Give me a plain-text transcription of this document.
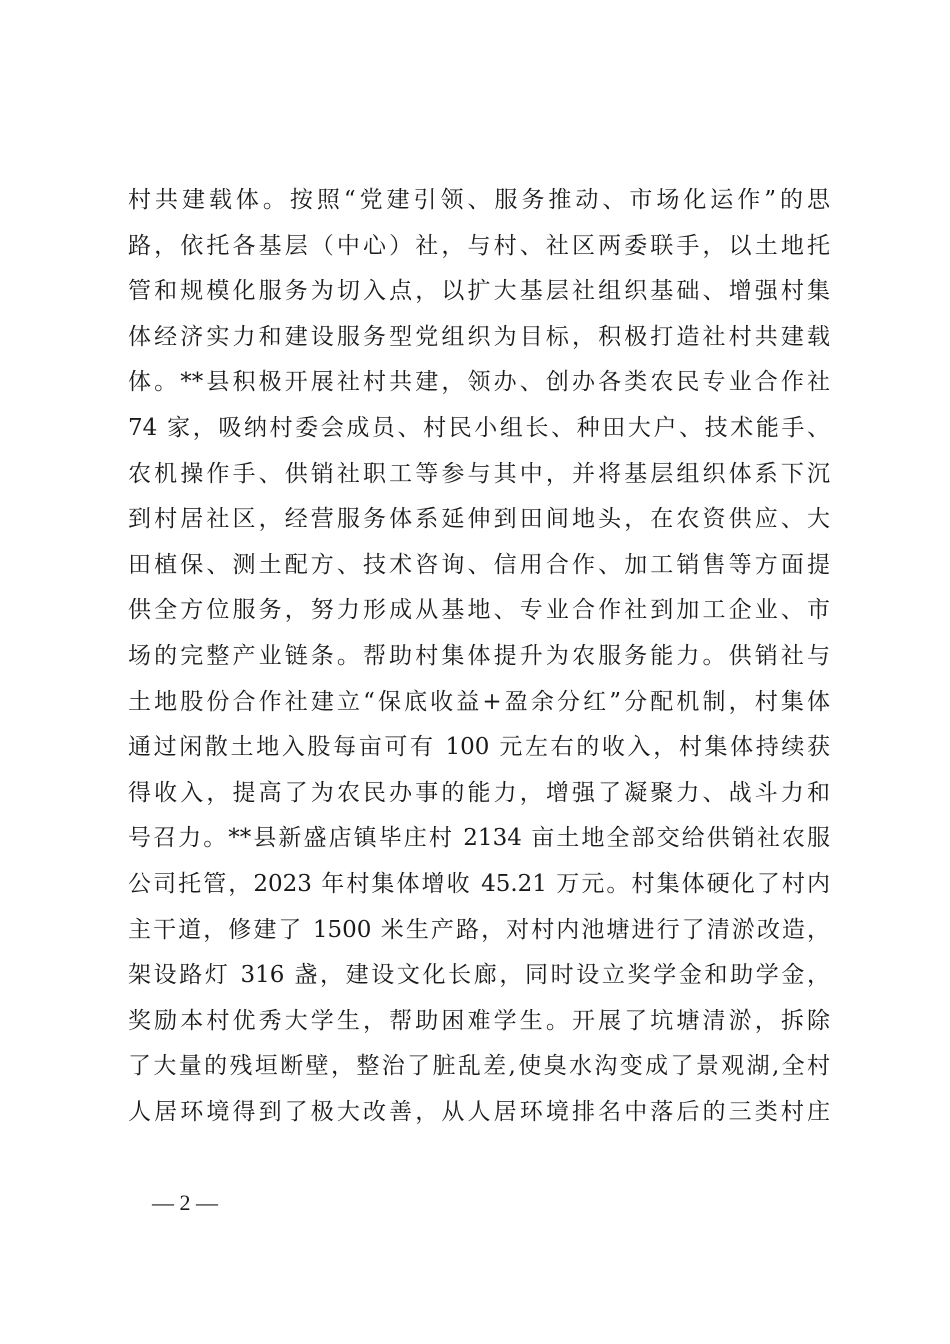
村共建载体。按照“党建引领、服务推动、市场化运作”的思
路，依托各基层（中心）社，与村、社区两委联手，以土地托
管和规模化服务为切入点，以扩大基层社组织基础、增强村集
体经济实力和建设服务型党组织为目标，积极打造社村共建载
体。**县积极开展社村共建，领办、创办各类农民专业合作社
74 家，吸纳村委会成员、村民小组长、种田大户、技术能手、
农机操作手、供销社职工等参与其中，并将基层组织体系下沉
到村居社区，经营服务体系延伸到田间地头，在农资供应、大
田植保、测土配方、技术咨询、信用合作、加工销售等方面提
供全方位服务，努力形成从基地、专业合作社到加工企业、市
场的完整产业链条。帮助村集体提升为农服务能力。供销社与
土地股份合作社建立“保底收益+盈余分红”分配机制，村集体
通过闲散土地入股每亩可有 100 元左右的收入，村集体持续获
得收入，提高了为农民办事的能力，增强了凝聚力、战斗力和
号召力。**县新盛店镇毕庄村 2134 亩土地全部交给供销社农服
公司托管，2023 年村集体增收 45.21 万元。村集体硬化了村内
主干道，修建了 1500 米生产路，对村内池塘进行了清淤改造，
架设路灯 316 盏，建设文化长廊，同时设立奖学金和助学金，
奖励本村优秀大学生，帮助困难学生。开展了坑塘清淤，拆除
了大量的残垣断壁，整治了脏乱差,使臭水沟变成了景观湖,全村
人居环境得到了极大改善，从人居环境排名中落后的三类村庄
— 2 —
